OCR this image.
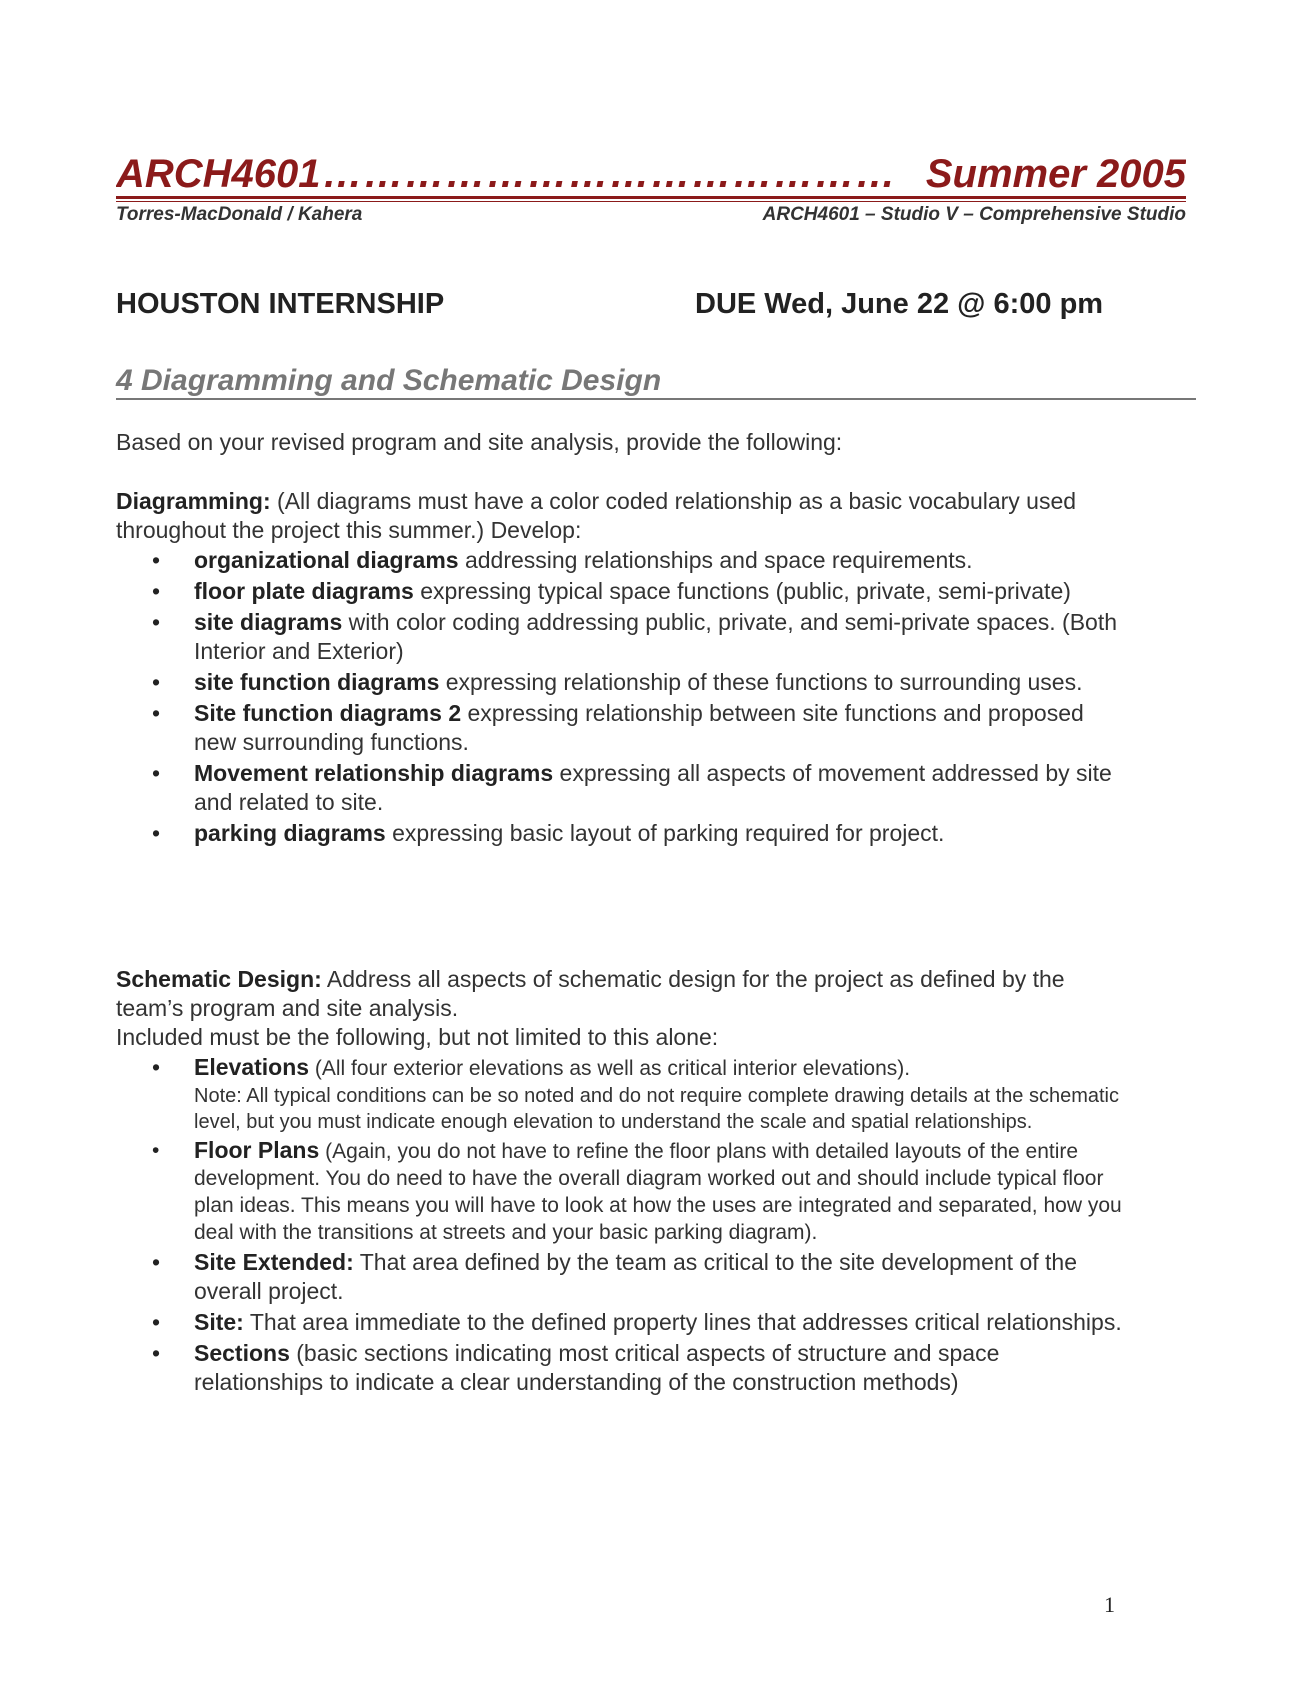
ARCH4601 …………………………………… Summer 2005
Torres-MacDonald / Kahera	ARCH4601 – Studio V – Comprehensive Studio
HOUSTON INTERNSHIP	DUE Wed, June 22 @ 6:00 pm
4 Diagramming and Schematic Design
Based on your revised program and site analysis, provide the following:
Diagramming: (All diagrams must have a color coded relationship as a basic vocabulary used throughout the project this summer.) Develop:
• organizational diagrams addressing relationships and space requirements.
• floor plate diagrams expressing typical space functions (public, private, semi-private)
• site diagrams with color coding addressing public, private, and semi-private spaces. (Both Interior and Exterior)
• site function diagrams expressing relationship of these functions to surrounding uses.
• Site function diagrams 2 expressing relationship between site functions and proposed new surrounding functions.
• Movement relationship diagrams expressing all aspects of movement addressed by site and related to site.
• parking diagrams expressing basic layout of parking required for project.
Schematic Design: Address all aspects of schematic design for the project as defined by the team’s program and site analysis.
Included must be the following, but not limited to this alone:
• Elevations (All four exterior elevations as well as critical interior elevations).
Note: All typical conditions can be so noted and do not require complete drawing details at the schematic level, but you must indicate enough elevation to understand the scale and spatial relationships.
• Floor Plans (Again, you do not have to refine the floor plans with detailed layouts of the entire development. You do need to have the overall diagram worked out and should include typical floor plan ideas. This means you will have to look at how the uses are integrated and separated, how you deal with the transitions at streets and your basic parking diagram).
• Site Extended: That area defined by the team as critical to the site development of the overall project.
• Site: That area immediate to the defined property lines that addresses critical relationships.
• Sections (basic sections indicating most critical aspects of structure and space relationships to indicate a clear understanding of the construction methods)
1
